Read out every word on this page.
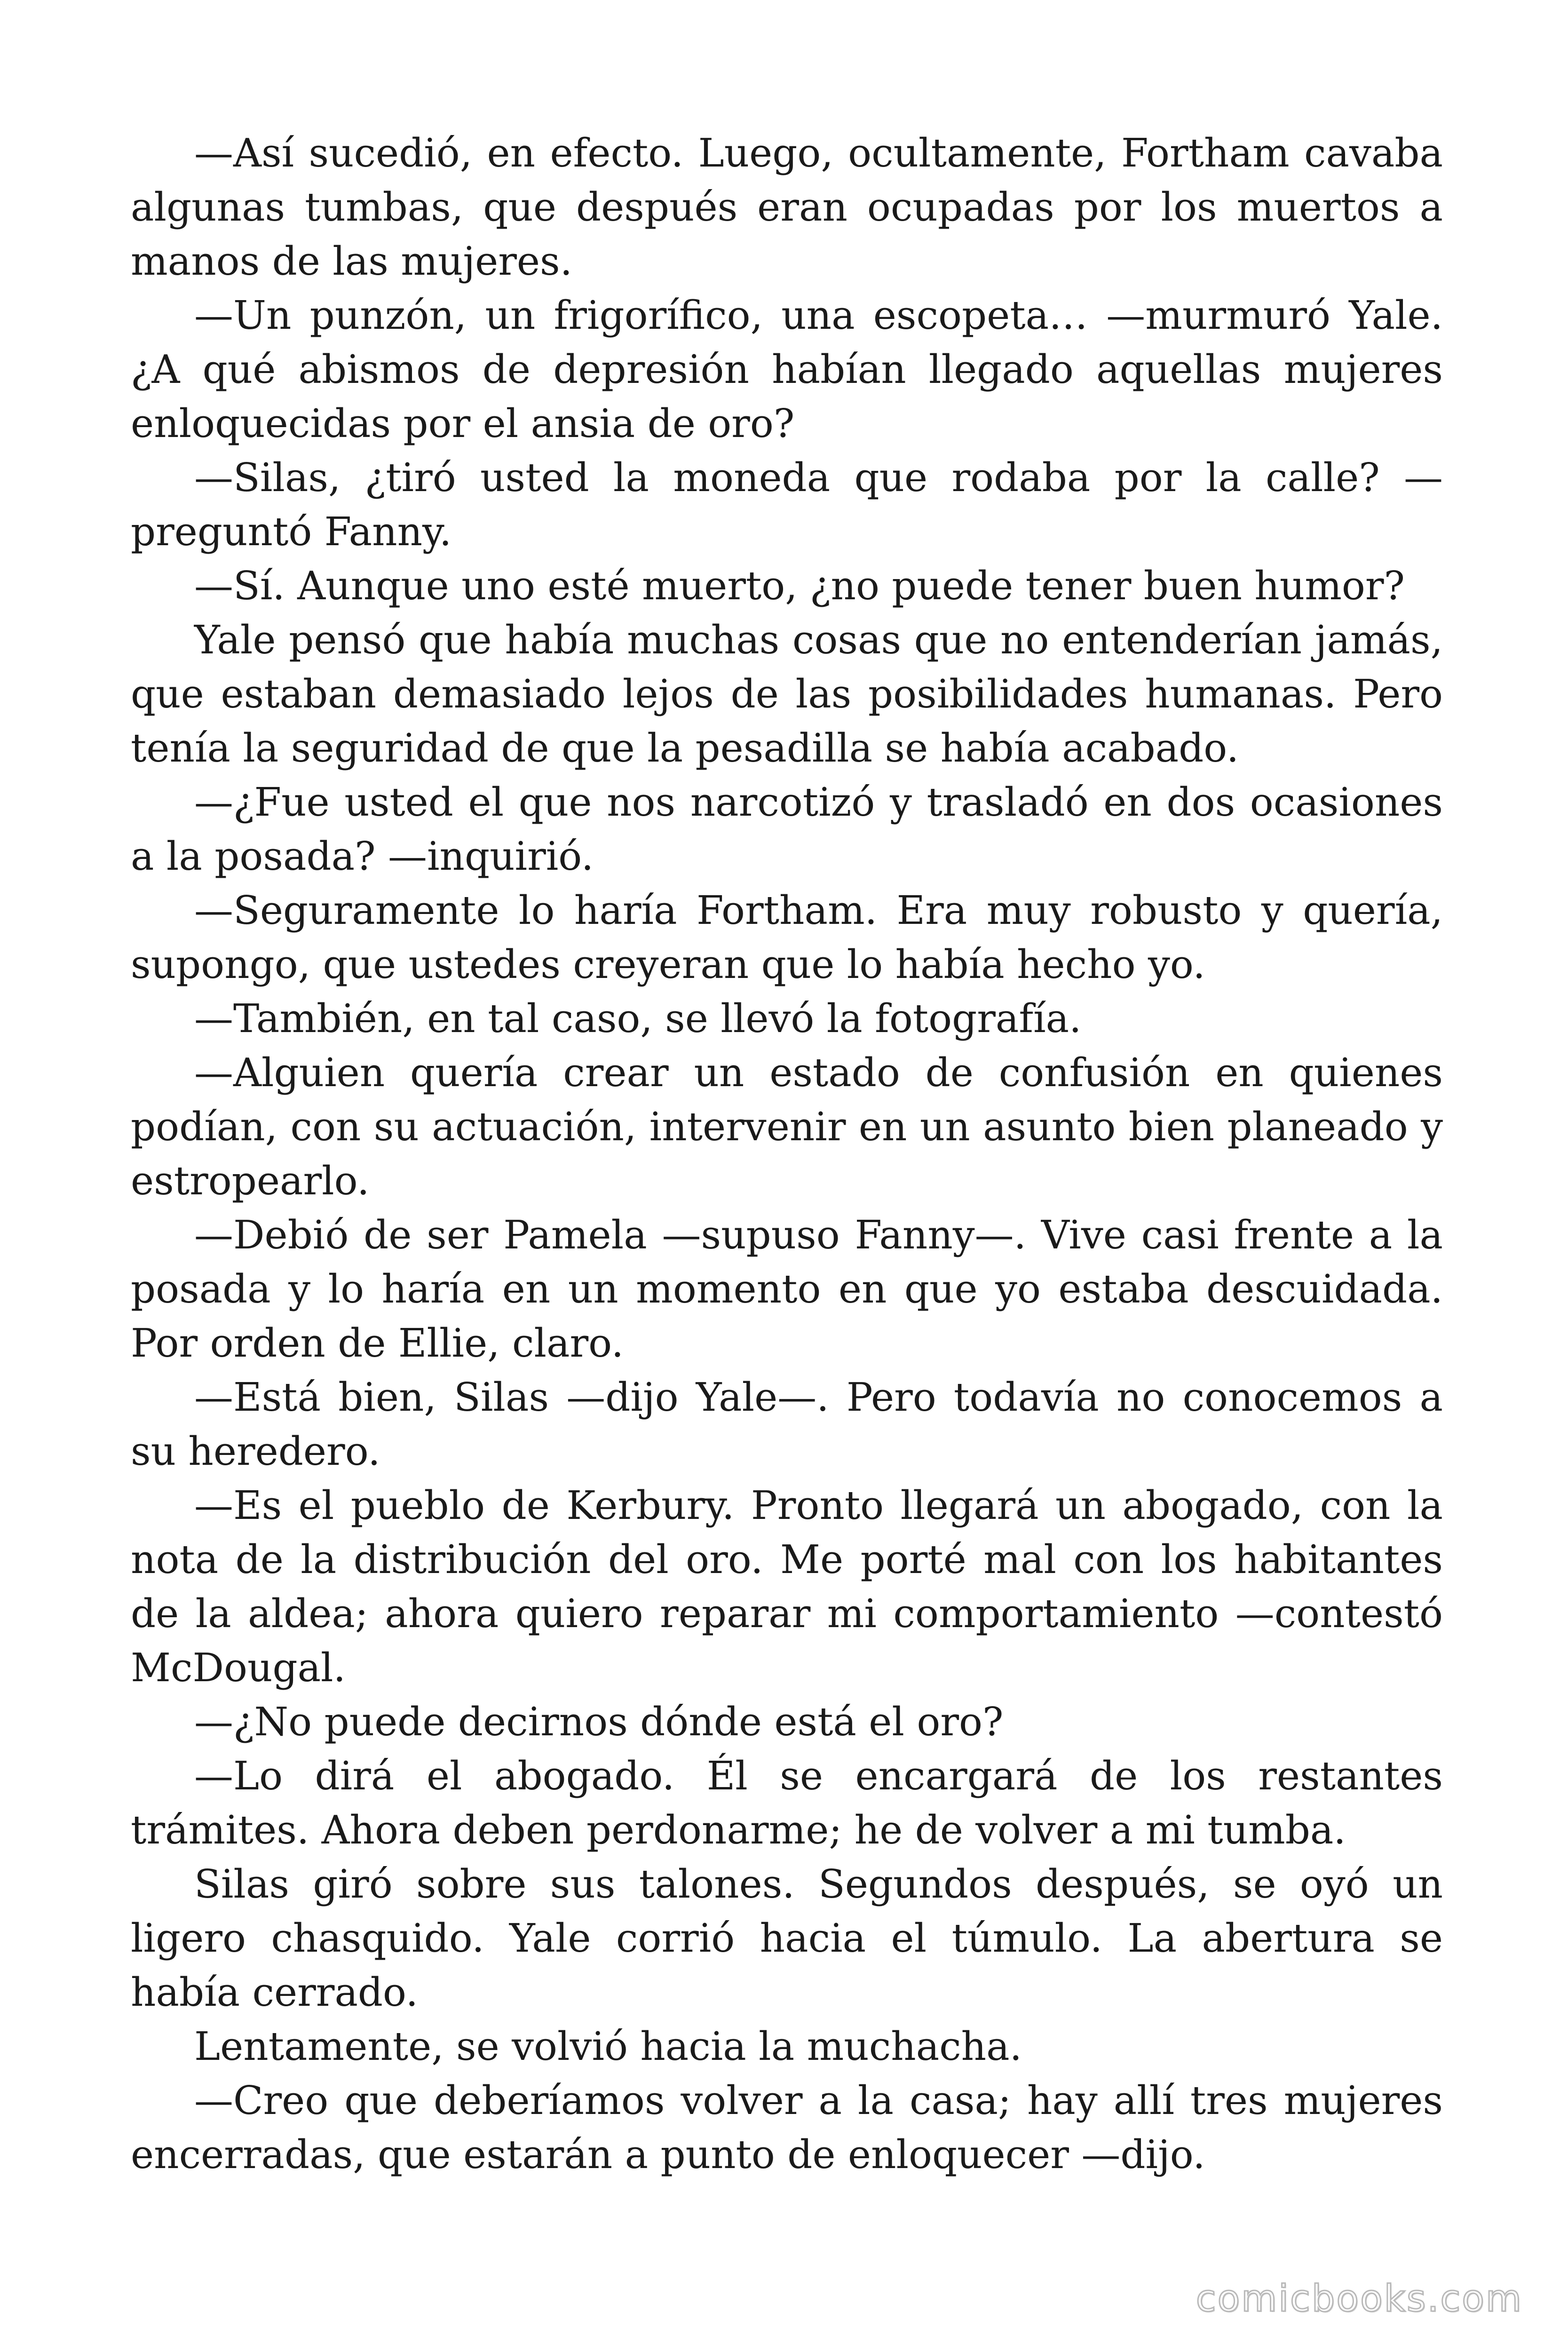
—Así sucedió, en efecto. Luego, ocultamente, Fortham cavaba algunas tumbas, que después eran ocupadas por los muertos a manos de las mujeres.

—Un punzón, un frigorífico, una escopeta… —murmuró Yale. ¿A qué abismos de depresión habían llegado aquellas mujeres enloquecidas por el ansia de oro?

—Silas, ¿tiró usted la moneda que rodaba por la calle? —preguntó Fanny.

—Sí. Aunque uno esté muerto, ¿no puede tener buen humor?

Yale pensó que había muchas cosas que no entenderían jamás, que estaban demasiado lejos de las posibilidades humanas. Pero tenía la seguridad de que la pesadilla se había acabado.

—¿Fue usted el que nos narcotizó y trasladó en dos ocasiones a la posada? —inquirió.

—Seguramente lo haría Fortham. Era muy robusto y quería, supongo, que ustedes creyeran que lo había hecho yo.

—También, en tal caso, se llevó la fotografía.

—Alguien quería crear un estado de confusión en quienes podían, con su actuación, intervenir en un asunto bien planeado y estropearlo.

—Debió de ser Pamela —supuso Fanny—. Vive casi frente a la posada y lo haría en un momento en que yo estaba descuidada. Por orden de Ellie, claro.

—Está bien, Silas —dijo Yale—. Pero todavía no conocemos a su heredero.

—Es el pueblo de Kerbury. Pronto llegará un abogado, con la nota de la distribución del oro. Me porté mal con los habitantes de la aldea; ahora quiero reparar mi comportamiento —contestó McDougal.

—¿No puede decirnos dónde está el oro?

—Lo dirá el abogado. Él se encargará de los restantes trámites. Ahora deben perdonarme; he de volver a mi tumba.

Silas giró sobre sus talones. Segundos después, se oyó un ligero chasquido. Yale corrió hacia el túmulo. La abertura se había cerrado.

Lentamente, se volvió hacia la muchacha.

—Creo que deberíamos volver a la casa; hay allí tres mujeres encerradas, que estarán a punto de enloquecer —dijo.

comicbooks.com
